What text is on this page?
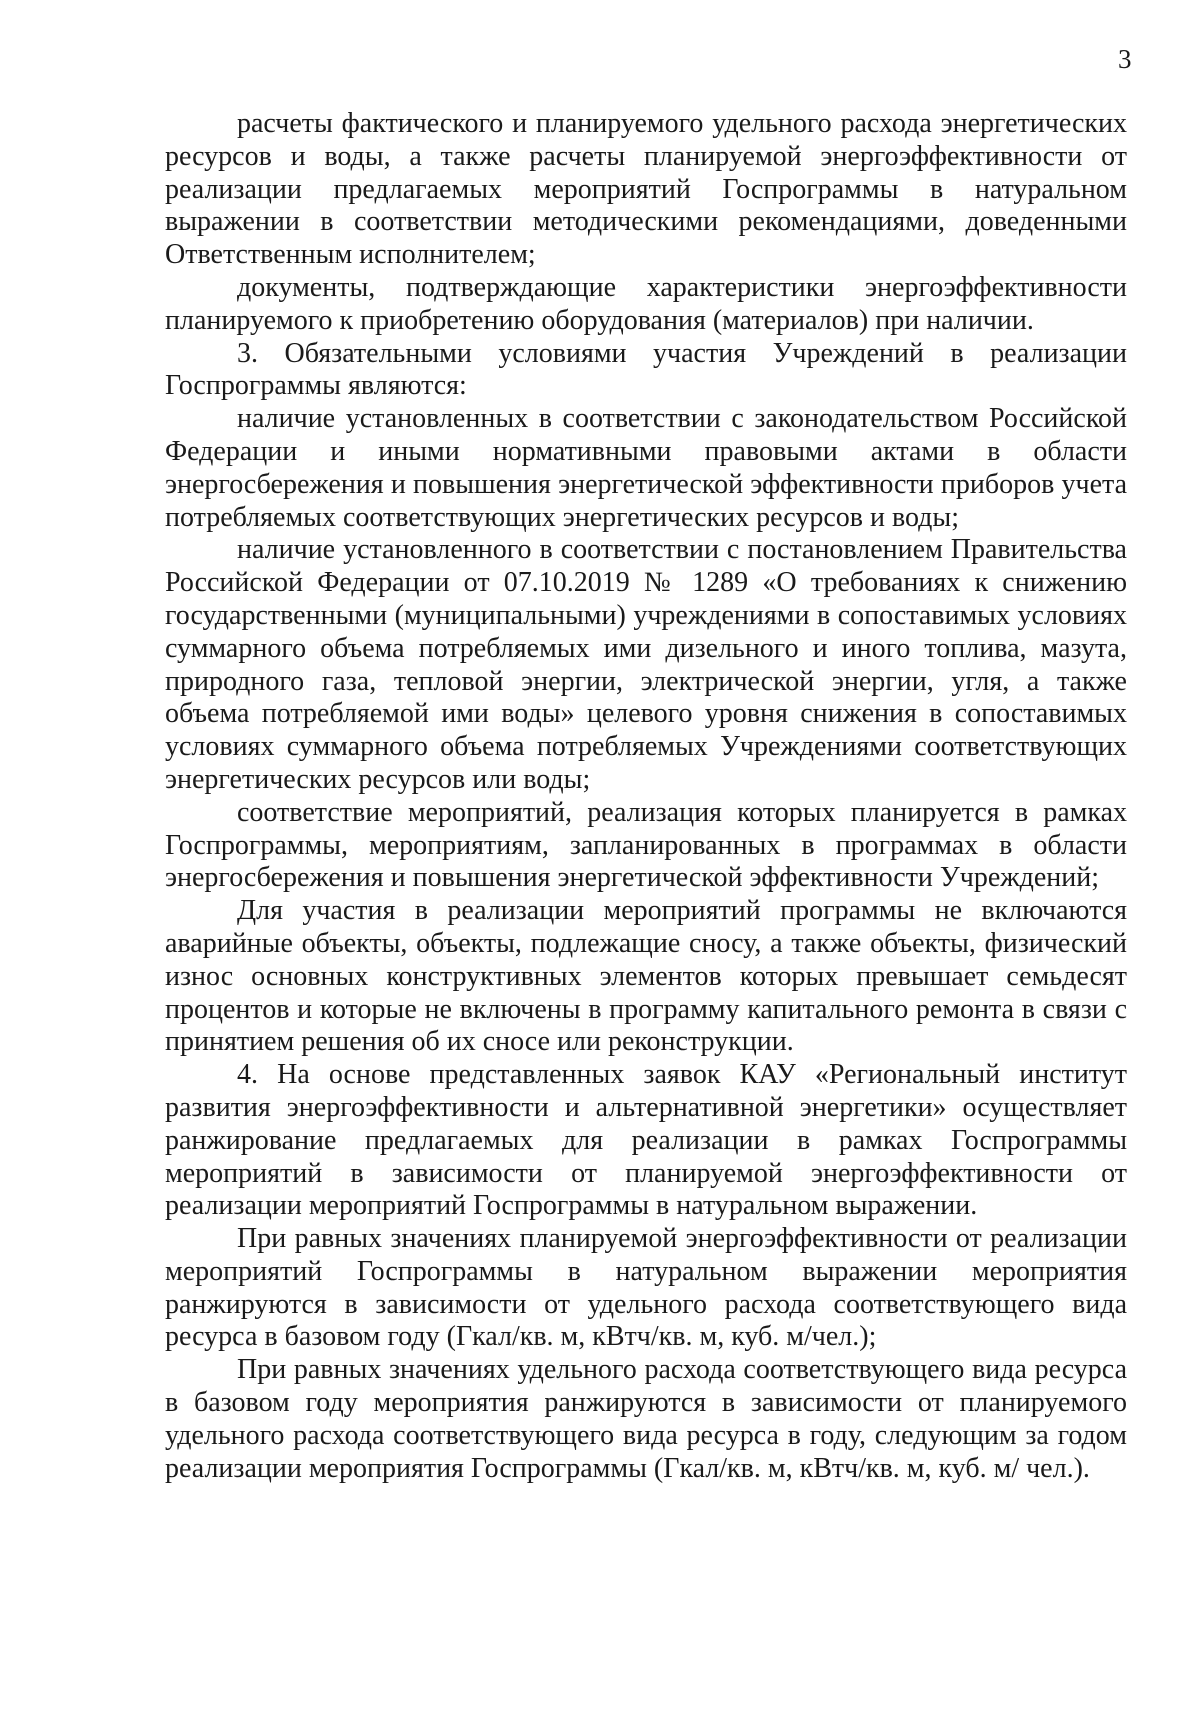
3

расчеты фактического и планируемого удельного расхода энергетических ресурсов и воды, а также расчеты планируемой энергоэффективности от реализации предлагаемых мероприятий Госпрограммы в натуральном выражении в соответствии методическими рекомендациями, доведенными Ответственным исполнителем;

документы, подтверждающие характеристики энергоэффективности планируемого к приобретению оборудования (материалов) при наличии.

3. Обязательными условиями участия Учреждений в реализации Госпрограммы являются:

наличие установленных в соответствии с законодательством Российской Федерации и иными нормативными правовыми актами в области энергосбережения и повышения энергетической эффективности приборов учета потребляемых соответствующих энергетических ресурсов и воды;

наличие установленного в соответствии с постановлением Правительства Российской Федерации от 07.10.2019 № 1289 «О требованиях к снижению государственными (муниципальными) учреждениями в сопоставимых условиях суммарного объема потребляемых ими дизельного и иного топлива, мазута, природного газа, тепловой энергии, электрической энергии, угля, а также объема потребляемой ими воды» целевого уровня снижения в сопоставимых условиях суммарного объема потребляемых Учреждениями соответствующих энергетических ресурсов или воды;

соответствие мероприятий, реализация которых планируется в рамках Госпрограммы, мероприятиям, запланированных в программах в области энергосбережения и повышения энергетической эффективности Учреждений;

Для участия в реализации мероприятий программы не включаются аварийные объекты, объекты, подлежащие сносу, а также объекты, физический износ основных конструктивных элементов которых превышает семьдесят процентов и которые не включены в программу капитального ремонта в связи с принятием решения об их сносе или реконструкции.

4. На основе представленных заявок КАУ «Региональный институт развития энергоэффективности и альтернативной энергетики» осуществляет ранжирование предлагаемых для реализации в рамках Госпрограммы мероприятий в зависимости от планируемой энергоэффективности от реализации мероприятий Госпрограммы в натуральном выражении.

При равных значениях планируемой энергоэффективности от реализации мероприятий Госпрограммы в натуральном выражении мероприятия ранжируются в зависимости от удельного расхода соответствующего вида ресурса в базовом году (Гкал/кв. м, кВтч/кв. м, куб. м/чел.);

При равных значениях удельного расхода соответствующего вида ресурса в базовом году мероприятия ранжируются в зависимости от планируемого удельного расхода соответствующего вида ресурса в году, следующим за годом реализации мероприятия Госпрограммы (Гкал/кв. м, кВтч/кв. м, куб. м/ чел.).
